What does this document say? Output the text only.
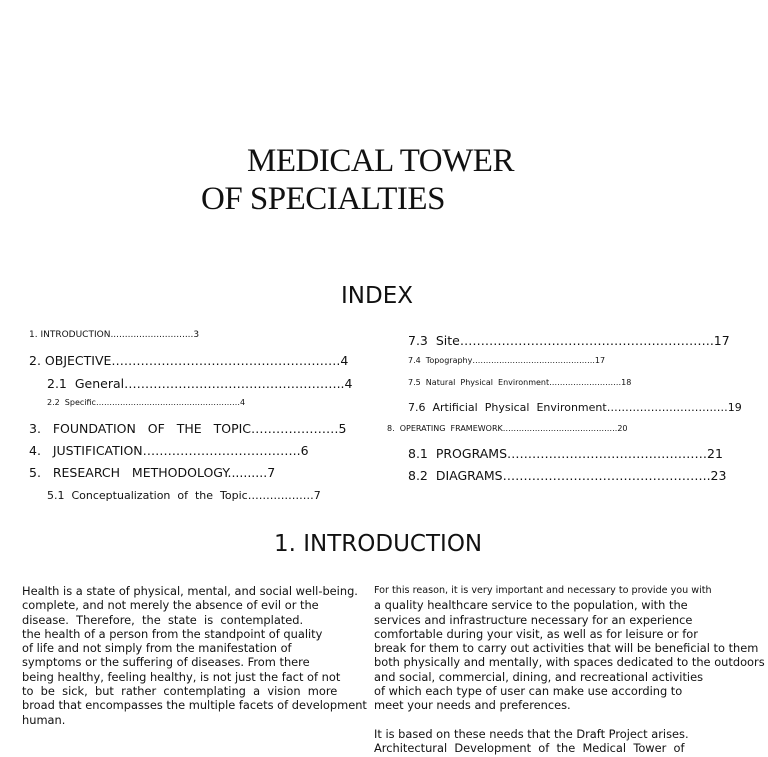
MEDICAL TOWER
OF SPECIALTIES
INDEX
1. INTRODUCTION.............................3
2. OBJECTIVE……………………………………………….4
2.1  General……………………………………………..4
2.2  Specific………………………………………………4
3.   FOUNDATION   OF   THE   TOPIC…………………5
4.   JUSTIFICATION………………………………..6
5.   RESEARCH   METHODOLOGY..........7
5.1  Conceptualization  of  the  Topic………………7
7.3  Site…………………………………………………….17
7.4  Topography……………………………………….17
7.5  Natural  Physical  Environment………………………18
7.6  Artificial  Physical  Environment……………………………19
8.  OPERATING  FRAMEWORK…………………………………….20
8.1  PROGRAMS…………………………………………21
8.2  DIAGRAMS…………………………………………..23
1. INTRODUCTION
Health is a state of physical, mental, and social well-being.
complete, and not merely the absence of evil or the
disease.  Therefore,  the  state  is  contemplated.
the health of a person from the standpoint of quality
of life and not simply from the manifestation of
symptoms or the suffering of diseases. From there
being healthy, feeling healthy, is not just the fact of not
to  be  sick,  but  rather  contemplating  a  vision  more
broad that encompasses the multiple facets of development
human.
For this reason, it is very important and necessary to provide you with
a quality healthcare service to the population, with the
services and infrastructure necessary for an experience
comfortable during your visit, as well as for leisure or for
break for them to carry out activities that will be beneficial to them
both physically and mentally, with spaces dedicated to the outdoors
and social, commercial, dining, and recreational activities
of which each type of user can make use according to
meet your needs and preferences.
It is based on these needs that the Draft Project arises.
Architectural  Development  of  the  Medical  Tower  of
